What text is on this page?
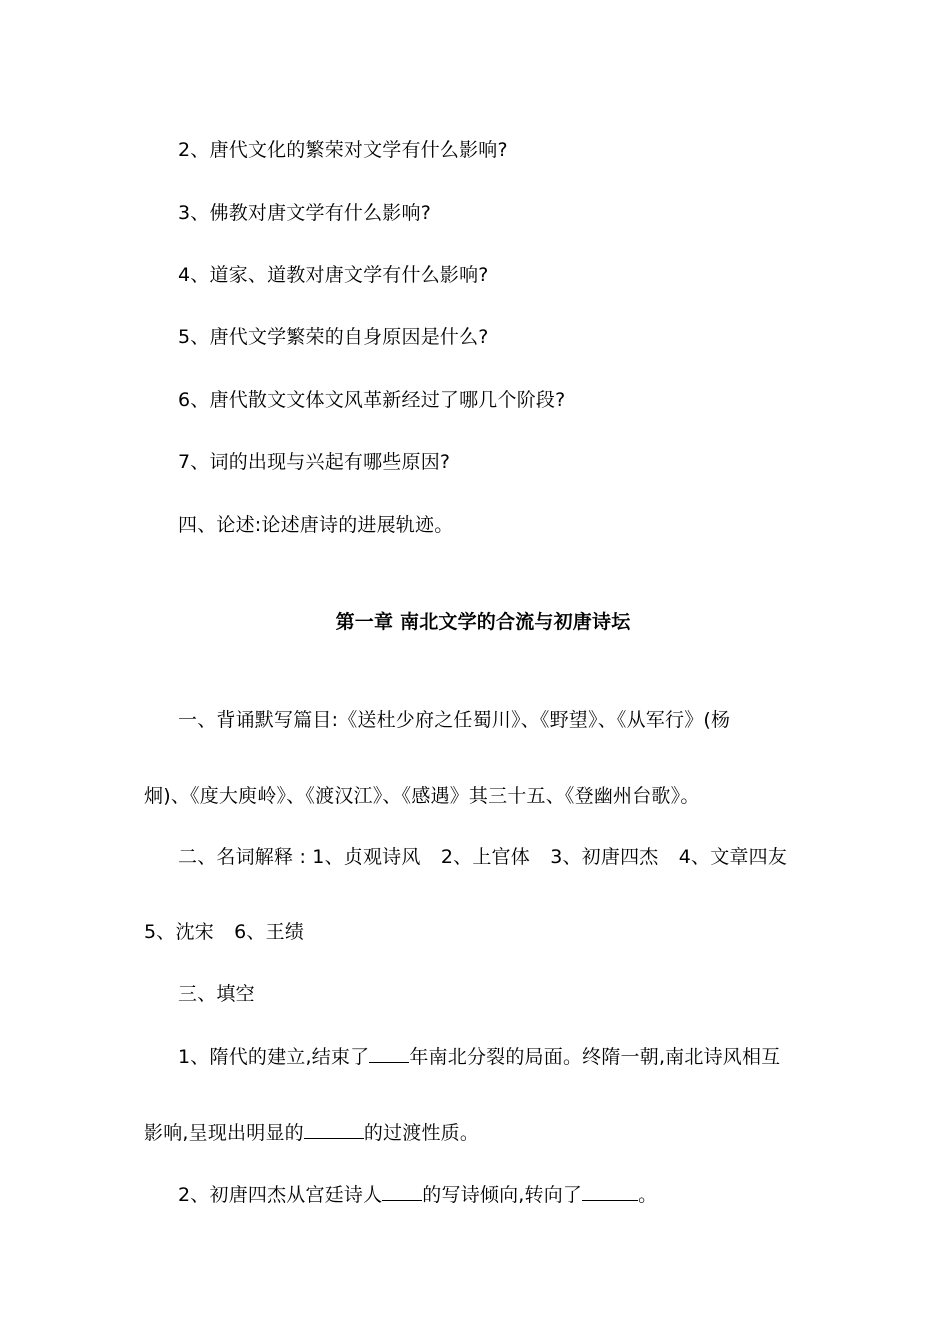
2、唐代文化的繁荣对文学有什么影响?
3、佛教对唐文学有什么影响?
4、道家、道教对唐文学有什么影响?
5、唐代文学繁荣的自身原因是什么?
6、唐代散文文体文风革新经过了哪几个阶段?
7、词的出现与兴起有哪些原因?
四、论述:论述唐诗的进展轨迹。
第一章 南北文学的合流与初唐诗坛
一、背诵默写篇目:《送杜少府之任蜀川》、《野望》、《从军行》(杨
炯)、《度大庾岭》、《渡汉江》、《感遇》其三十五、《登幽州台歌》。
二、名词解释 : 1、贞观诗风 2、上官体 3、初唐四杰 4、文章四友
5、沈宋 6、王绩
三、填空
1、隋代的建立,结束了 年南北分裂的局面。终隋一朝,南北诗风相互
影响,呈现出明显的	的过渡性质。
2、初唐四杰从宫廷诗人 的写诗倾向,转向了	。
